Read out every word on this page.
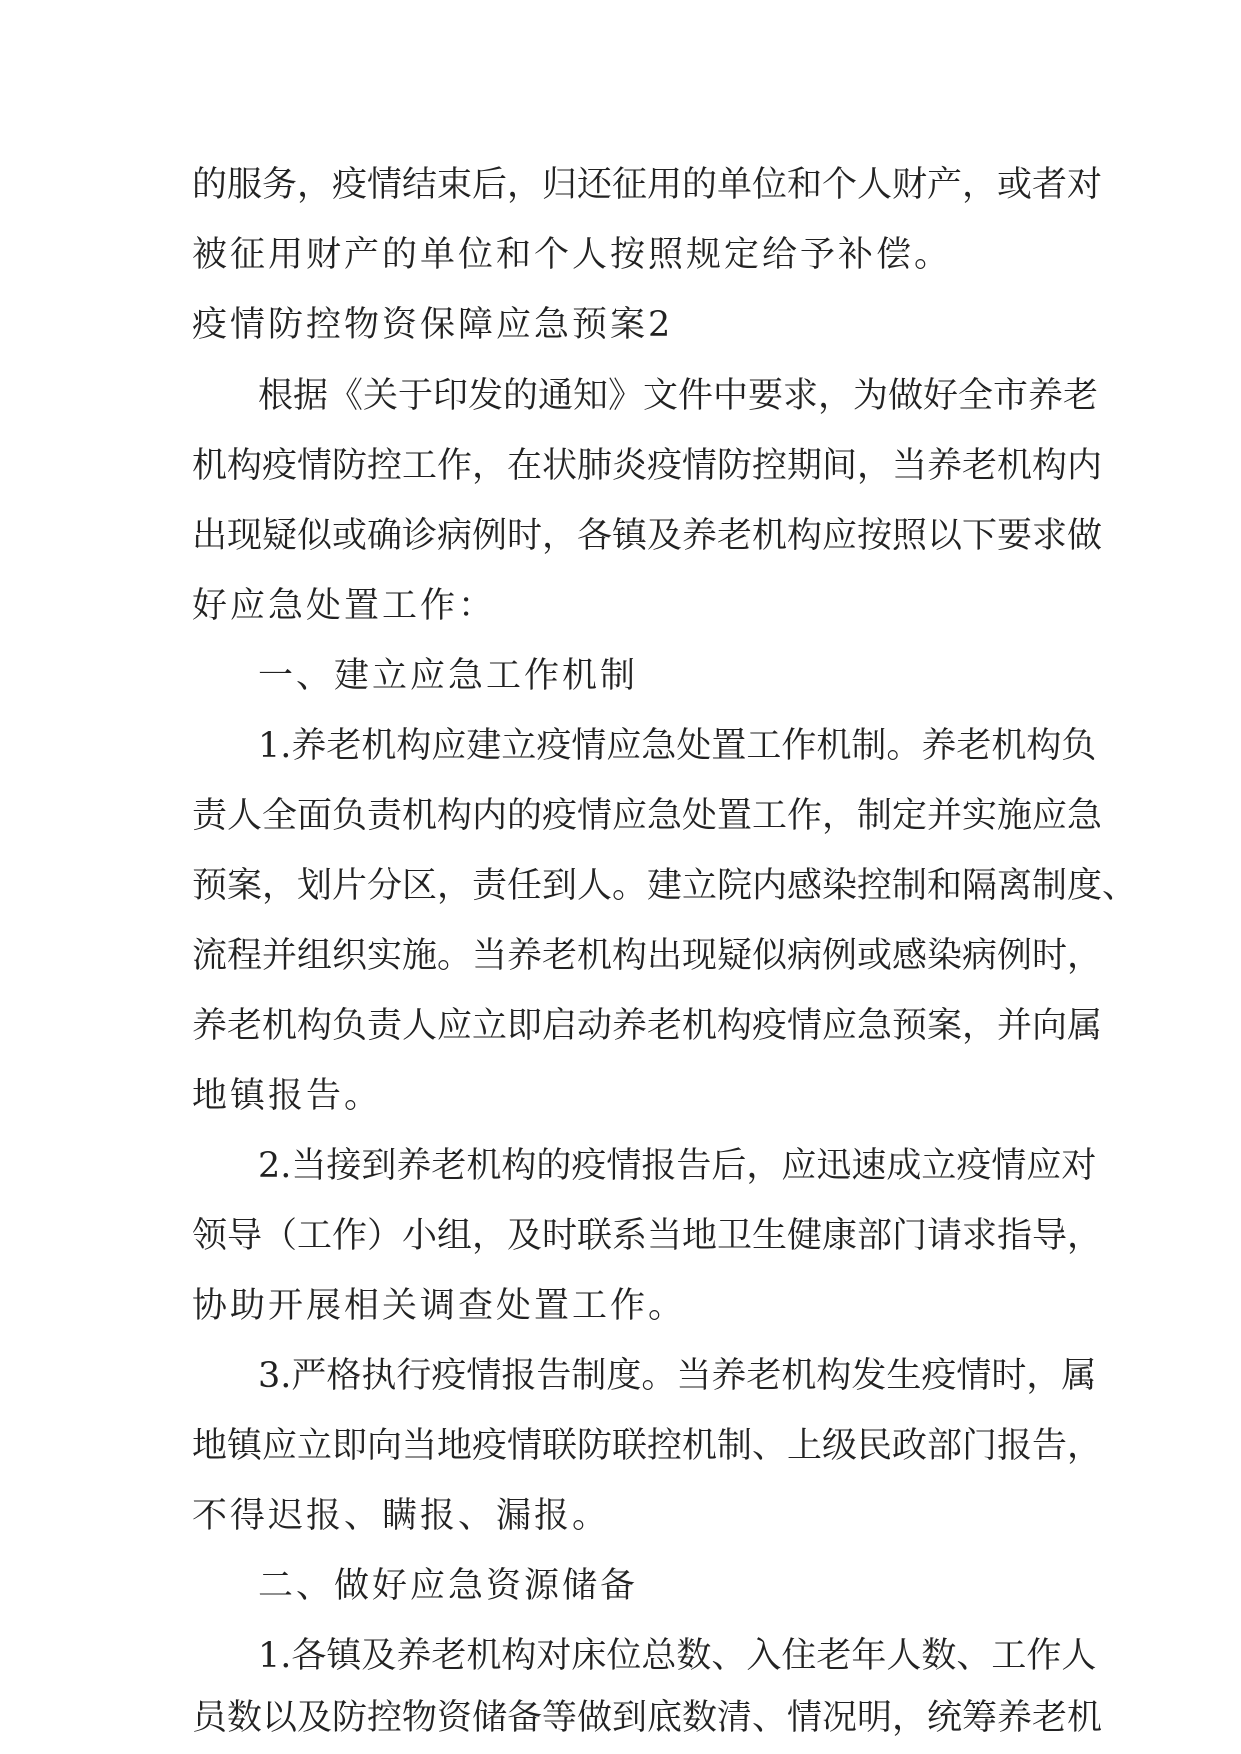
的服务，疫情结束后，归还征用的单位和个人财产，或者对
被征用财产的单位和个人按照规定给予补偿。
疫情防控物资保障应急预案2
根据《关于印发的通知》文件中要求，为做好全市养老
机构疫情防控工作，在状肺炎疫情防控期间，当养老机构内
出现疑似或确诊病例时，各镇及养老机构应按照以下要求做
好应急处置工作：
一、建立应急工作机制
1.养老机构应建立疫情应急处置工作机制。养老机构负
责人全面负责机构内的疫情应急处置工作，制定并实施应急
预案，划片分区，责任到人。建立院内感染控制和隔离制度、
流程并组织实施。当养老机构出现疑似病例或感染病例时，
养老机构负责人应立即启动养老机构疫情应急预案，并向属
地镇报告。
2.当接到养老机构的疫情报告后，应迅速成立疫情应对
领导（工作）小组，及时联系当地卫生健康部门请求指导，
协助开展相关调查处置工作。
3.严格执行疫情报告制度。当养老机构发生疫情时，属
地镇应立即向当地疫情联防联控机制、上级民政部门报告，
不得迟报、瞒报、漏报。
二、做好应急资源储备
1.各镇及养老机构对床位总数、入住老年人数、工作人
员数以及防控物资储备等做到底数清、情况明，统筹养老机
